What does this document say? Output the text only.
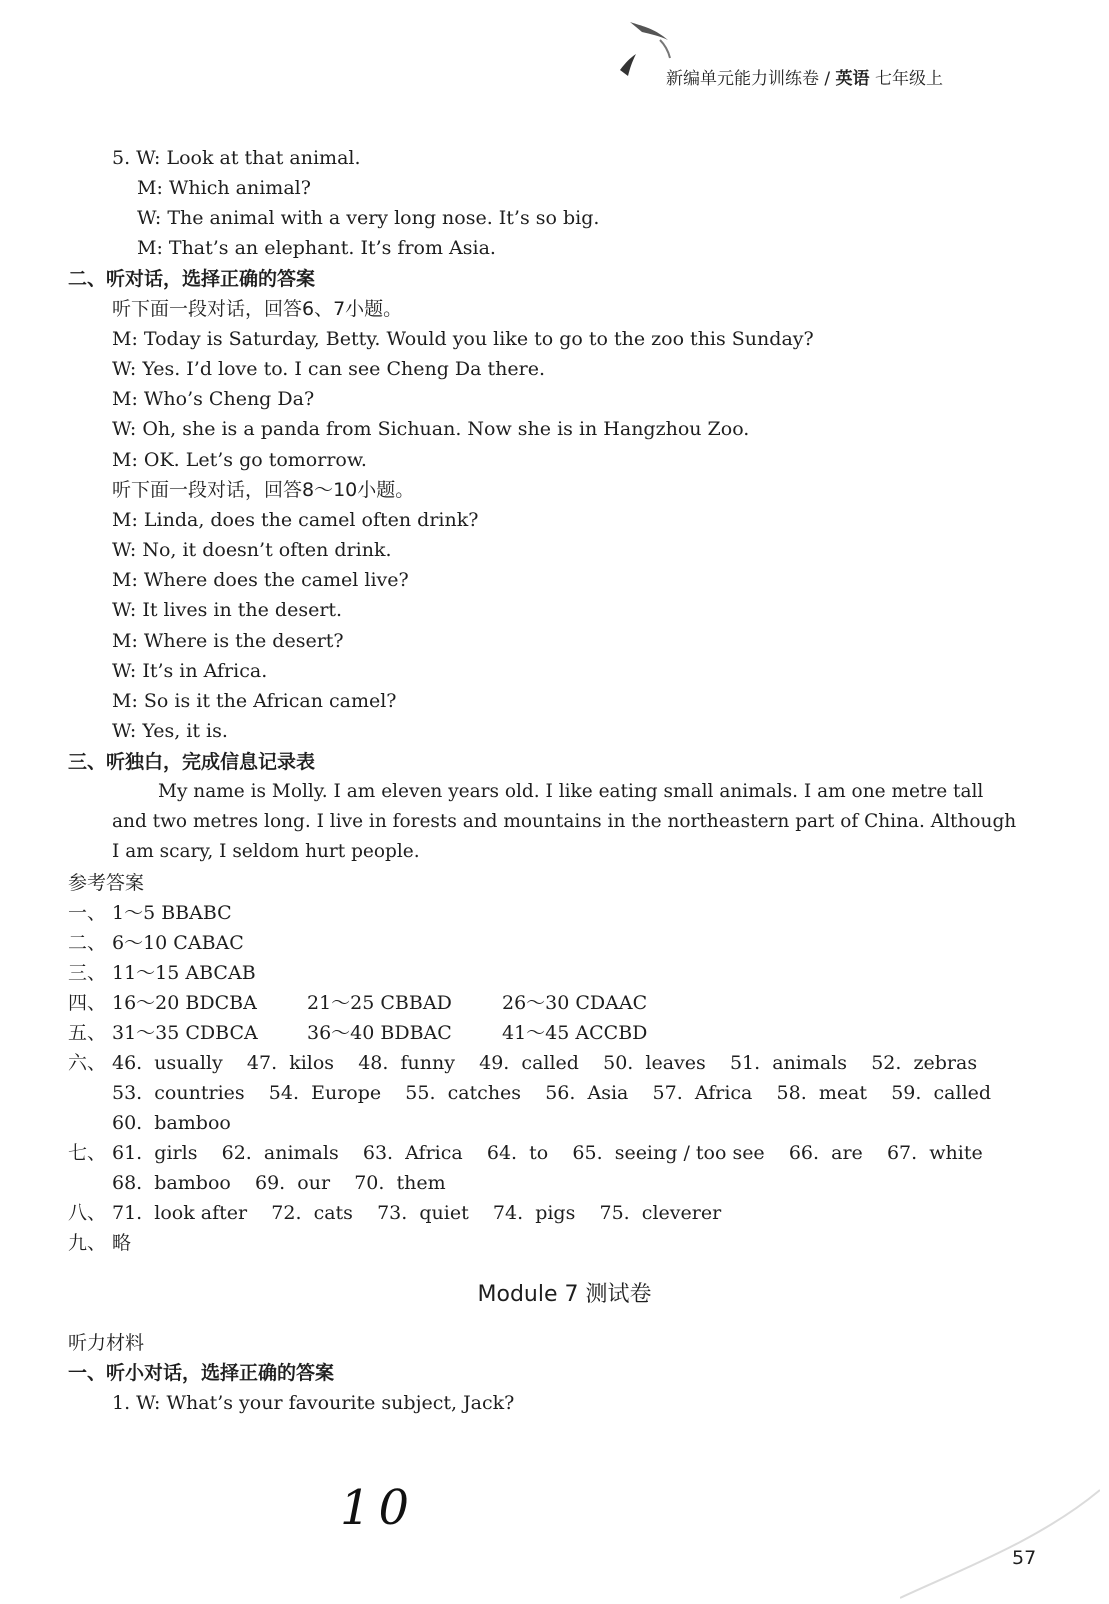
新编单元能力训练卷 / 英语 七年级上
5. W: Look at that animal.
M: Which animal?
W: The animal with a very long nose. It’s so big.
M: That’s an elephant. It’s from Asia.
二、听对话，选择正确的答案
听下面一段对话，回答6、7小题。
M: Today is Saturday, Betty. Would you like to go to the zoo this Sunday?
W: Yes. I’d love to. I can see Cheng Da there.
M: Who’s Cheng Da?
W: Oh, she is a panda from Sichuan. Now she is in Hangzhou Zoo.
M: OK. Let’s go tomorrow.
听下面一段对话，回答8～10小题。
M: Linda, does the camel often drink?
W: No, it doesn’t often drink.
M: Where does the camel live?
W: It lives in the desert.
M: Where is the desert?
W: It’s in Africa.
M: So is it the African camel?
W: Yes, it is.
三、听独白，完成信息记录表
My name is Molly. I am eleven years old. I like eating small animals. I am one metre tall
and two metres long. I live in forests and mountains in the northeastern part of China. Although
I am scary, I seldom hurt people.
参考答案
一、 1～5 BBABC
二、 6～10 CABAC
三、 11～15 ABCAB
四、 16～20 BDCBA	21～25 CBBAD	26～30 CDAAC
五、 31～35 CDBCA	36～40 BDBAC	41～45 ACCBD
六、 46.  usually    47.  kilos    48.  funny    49.  called    50.  leaves    51.  animals    52.  zebras
53.  countries    54.  Europe    55.  catches    56.  Asia    57.  Africa    58.  meat    59.  called
60.  bamboo
七、 61.  girls    62.  animals    63.  Africa    64.  to    65.  seeing / too see    66.  are    67.  white
68.  bamboo    69.  our    70.  them
八、 71.  look after    72.  cats    73.  quiet    74.  pigs    75.  cleverer
九、 略
Module 7 测试卷
听力材料
一、听小对话，选择正确的答案
1. W: What’s your favourite subject, Jack?
10
57
